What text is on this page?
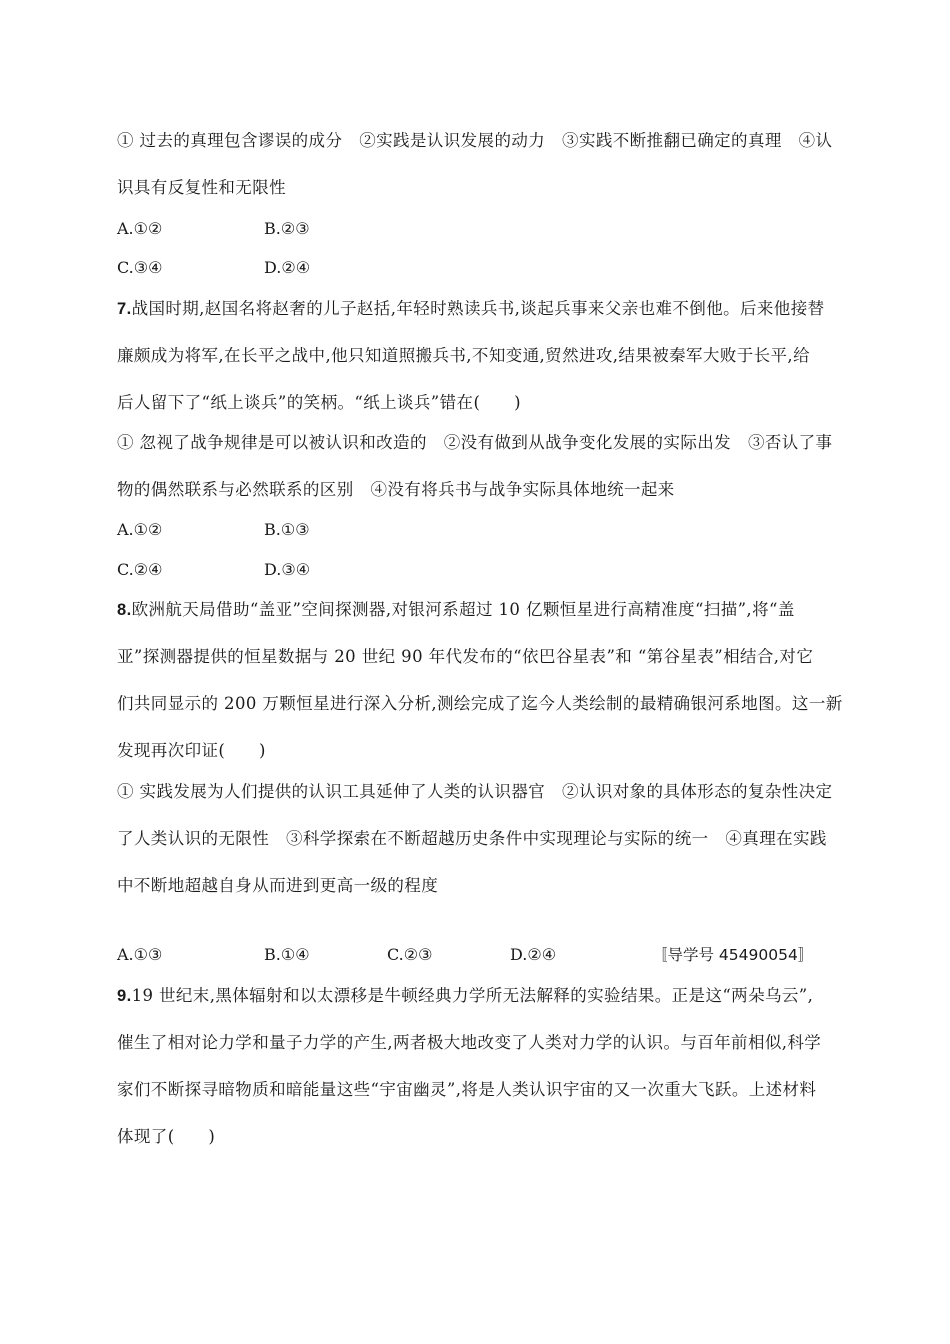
① 过去的真理包含谬误的成分　②实践是认识发展的动力　③实践不断推翻已确定的真理　④认
识具有反复性和无限性
A.①②	B.②③
C.③④	D.②④
7.战国时期,赵国名将赵奢的儿子赵括,年轻时熟读兵书,谈起兵事来父亲也难不倒他。后来他接替
廉颇成为将军,在长平之战中,他只知道照搬兵书,不知变通,贸然进攻,结果被秦军大败于长平,给
后人留下了“纸上谈兵”的笑柄。“纸上谈兵”错在(　　)
① 忽视了战争规律是可以被认识和改造的　②没有做到从战争变化发展的实际出发　③否认了事
物的偶然联系与必然联系的区别　④没有将兵书与战争实际具体地统一起来
A.①②	B.①③
C.②④	D.③④
8.欧洲航天局借助“盖亚”空间探测器,对银河系超过 10 亿颗恒星进行高精准度“扫描”,将“盖
亚”探测器提供的恒星数据与 20 世纪 90 年代发布的“依巴谷星表”和 “第谷星表”相结合,对它
们共同显示的 200 万颗恒星进行深入分析,测绘完成了迄今人类绘制的最精确银河系地图。这一新
发现再次印证(　　)
① 实践发展为人们提供的认识工具延伸了人类的认识器官　②认识对象的具体形态的复杂性决定
了人类认识的无限性　③科学探索在不断超越历史条件中实现理论与实际的统一　④真理在实践
中不断地超越自身从而进到更高一级的程度
A.①③	B.①④	C.②③	D.②④	〚导学号 45490054〛
9.19 世纪末,黑体辐射和以太漂移是牛顿经典力学所无法解释的实验结果。正是这“两朵乌云”,
催生了相对论力学和量子力学的产生,两者极大地改变了人类对力学的认识。与百年前相似,科学
家们不断探寻暗物质和暗能量这些“宇宙幽灵”,将是人类认识宇宙的又一次重大飞跃。上述材料
体现了(　　)
